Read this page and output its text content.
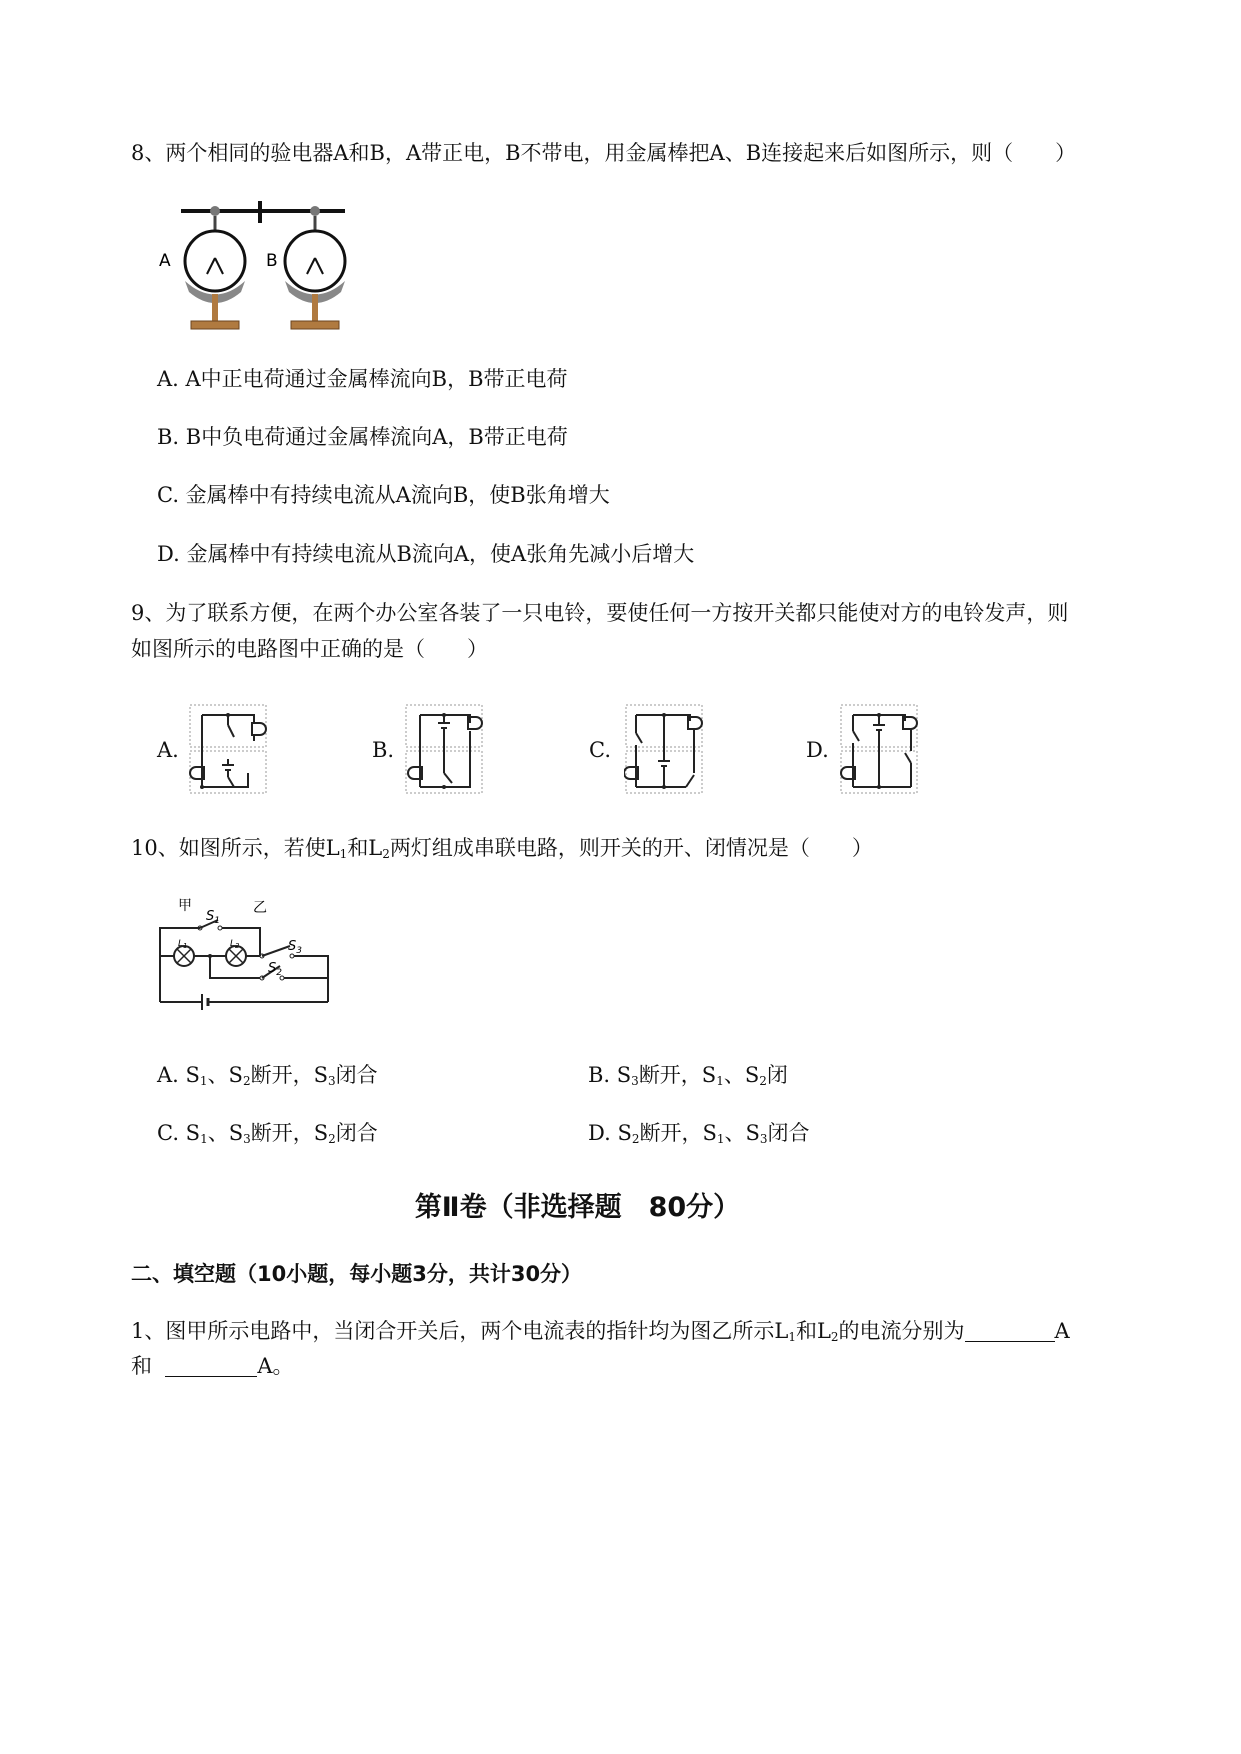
8、两个相同的验电器A和B，A带正电，B不带电，用金属棒把A、B连接起来后如图所示，则（　　）
A	B
A. A中正电荷通过金属棒流向B，B带正电荷
B. B中负电荷通过金属棒流向A，B带正电荷
C. 金属棒中有持续电流从A流向B，使B张角增大
D. 金属棒中有持续电流从B流向A，使A张角先减小后增大
9、为了联系方便，在两个办公室各装了一只电铃，要使任何一方按开关都只能使对方的电铃发声，则
如图所示的电路图中正确的是（　　）
A.	B.	C.	D.
10、如图所示，若使$L_1$和$L_2$两灯组成串联电路，则开关的开、闭情况是（　　）
甲	乙
$S_1$
$S_3$
$S_2$
$L_1$	$L_2$
A. $S_1$、$S_2$断开，$S_3$闭合	B. $S_3$断开，$S_1$、$S_2$闭
C. $S_1$、$S_3$断开，$S_2$闭合	D. $S_2$断开，$S_1$、$S_3$闭合
第Ⅱ卷（非选择题　80分）
二、填空题（10小题，每小题3分，共计30分）
1、图甲所示电路中，当闭合开关后，两个电流表的指针均为图乙所示$L_1$和$L_2$的电流分别为	A
和	A。
